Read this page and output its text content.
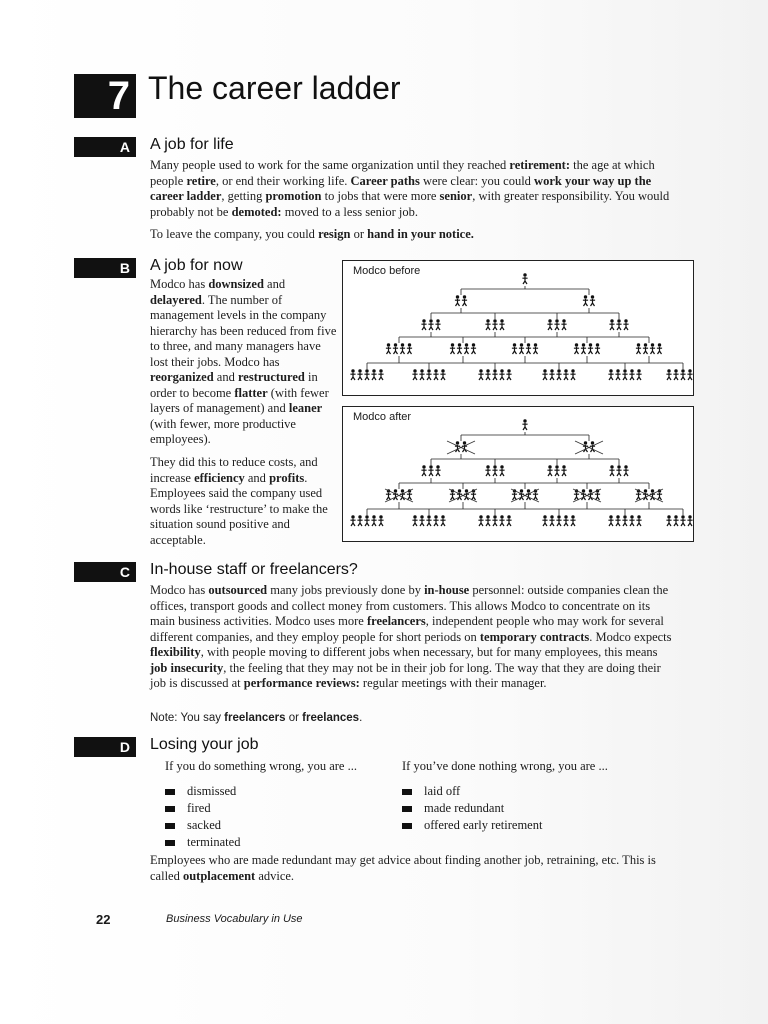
7 The career ladder
A	A job for life

Many people used to work for the same organization until they reached retirement: the age at which people retire, or end their working life. Career paths were clear: you could work your way up the career ladder, getting promotion to jobs that were more senior, with greater responsibility. You would probably not be demoted: moved to a less senior job.

To leave the company, you could resign or hand in your notice.

B	A job for now

Modco has downsized and delayered. The number of management levels in the company hierarchy has been reduced from five to three, and many managers have lost their jobs. Modco has reorganized and restructured in order to become flatter (with fewer layers of management) and leaner (with fewer, more productive employees).

They did this to reduce costs, and increase efficiency and profits. Employees said the company used words like ‘restructure’ to make the situation sound positive and acceptable.

Modco before
Modco after
C	In-house staff or freelancers?

Modco has outsourced many jobs previously done by in-house personnel: outside companies clean the offices, transport goods and collect money from customers. This allows Modco to concentrate on its main business activities. Modco uses more freelancers, independent people who may work for several different companies, and they employ people for short periods on temporary contracts. Modco expects flexibility, with people moving to different jobs when necessary, but for many employees, this means job insecurity, the feeling that they may not be in their job for long. The way that they are doing their job is discussed at performance reviews: regular meetings with their manager.

Note: You say freelancers or freelances.
D	Losing your job

If you do something wrong, you are ...

dismissed
fired
sacked
terminated

If you’ve done nothing wrong, you are ...

laid off
made redundant
offered early retirement

Employees who are made redundant may get advice about finding another job, retraining, etc. This is called outplacement advice.

22	Business Vocabulary in Use
